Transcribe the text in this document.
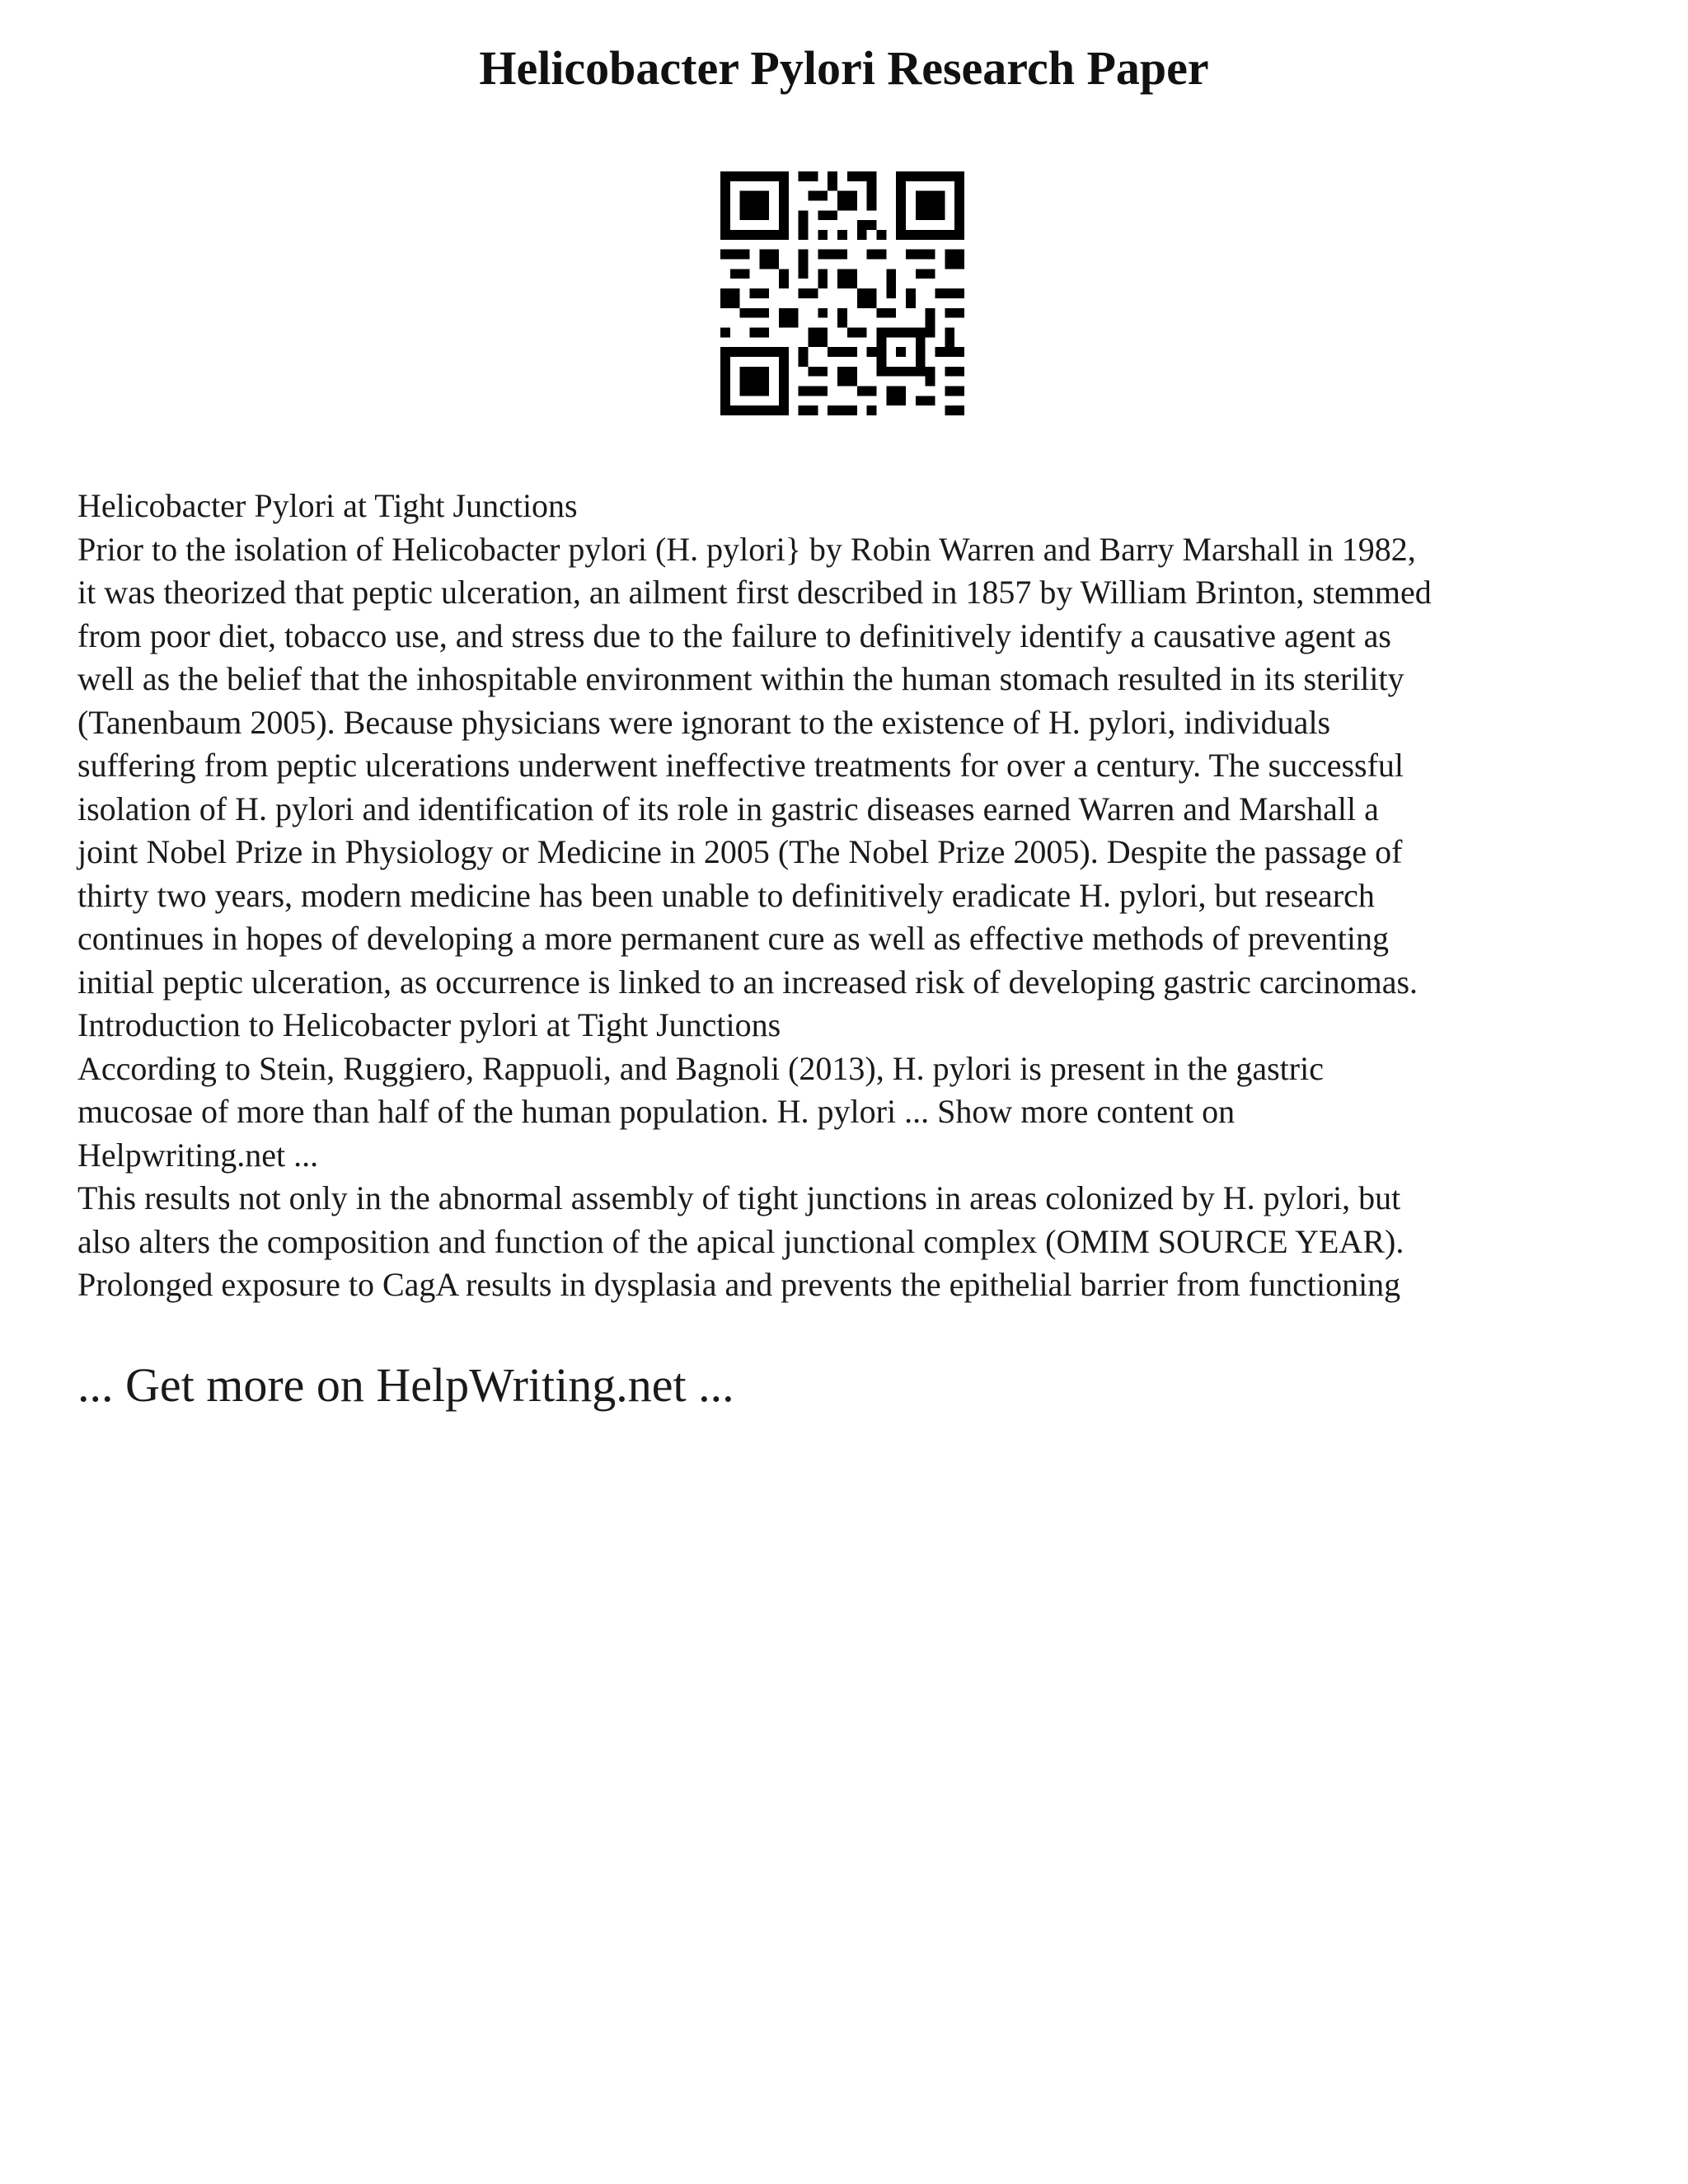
Helicobacter Pylori Research Paper
Helicobacter Pylori at Tight Junctions
Prior to the isolation of Helicobacter pylori (H. pylori} by Robin Warren and Barry Marshall in 1982,
it was theorized that peptic ulceration, an ailment first described in 1857 by William Brinton, stemmed
from poor diet, tobacco use, and stress due to the failure to definitively identify a causative agent as
well as the belief that the inhospitable environment within the human stomach resulted in its sterility
(Tanenbaum 2005). Because physicians were ignorant to the existence of H. pylori, individuals
suffering from peptic ulcerations underwent ineffective treatments for over a century. The successful
isolation of H. pylori and identification of its role in gastric diseases earned Warren and Marshall a
joint Nobel Prize in Physiology or Medicine in 2005 (The Nobel Prize 2005). Despite the passage of
thirty two years, modern medicine has been unable to definitively eradicate H. pylori, but research
continues in hopes of developing a more permanent cure as well as effective methods of preventing
initial peptic ulceration, as occurrence is linked to an increased risk of developing gastric carcinomas.
Introduction to Helicobacter pylori at Tight Junctions
According to Stein, Ruggiero, Rappuoli, and Bagnoli (2013), H. pylori is present in the gastric
mucosae of more than half of the human population. H. pylori ... Show more content on
Helpwriting.net ...
This results not only in the abnormal assembly of tight junctions in areas colonized by H. pylori, but
also alters the composition and function of the apical junctional complex (OMIM SOURCE YEAR).
Prolonged exposure to CagA results in dysplasia and prevents the epithelial barrier from functioning
... Get more on HelpWriting.net ...
